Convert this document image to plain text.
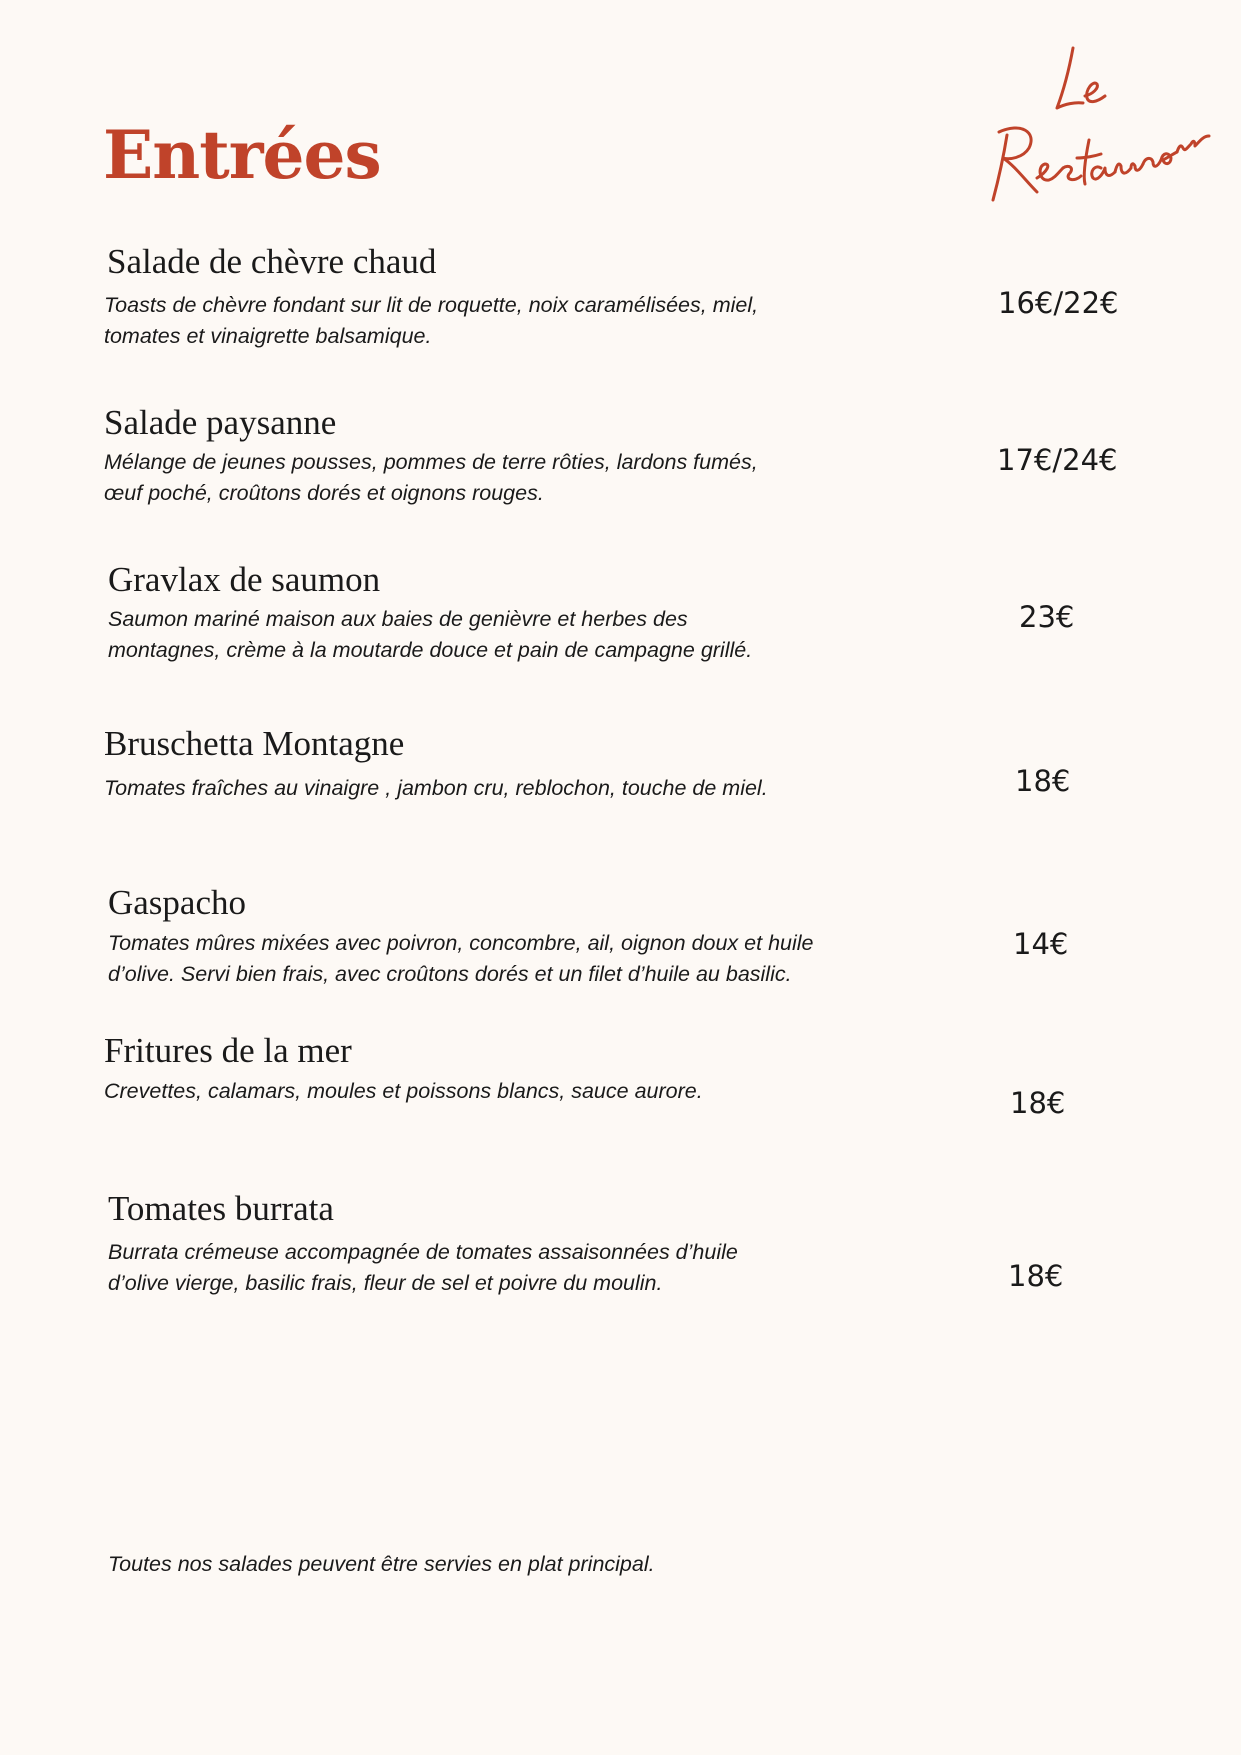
Entrées
Salade de chèvre chaud
Toasts de chèvre fondant sur lit de roquette, noix caramélisées, miel,
tomates et vinaigrette balsamique.
16€/22€
Salade paysanne
Mélange de jeunes pousses, pommes de terre rôties, lardons fumés,
œuf poché, croûtons dorés et oignons rouges.
17€/24€
Gravlax de saumon
Saumon mariné maison aux baies de genièvre et herbes des
montagnes, crème à la moutarde douce et pain de campagne grillé.
23€
Bruschetta Montagne
Tomates fraîches au vinaigre , jambon cru, reblochon, touche de miel.	18€
Gaspacho
Tomates mûres mixées avec poivron, concombre, ail, oignon doux et huile
d’olive. Servi bien frais, avec croûtons dorés et un filet d’huile au basilic.
14€
Fritures de la mer
Crevettes, calamars, moules et poissons blancs, sauce aurore.	18€
Tomates burrata
Burrata crémeuse accompagnée de tomates assaisonnées d’huile
d’olive vierge, basilic frais, fleur de sel et poivre du moulin.	18€
Toutes nos salades peuvent être servies en plat principal.
